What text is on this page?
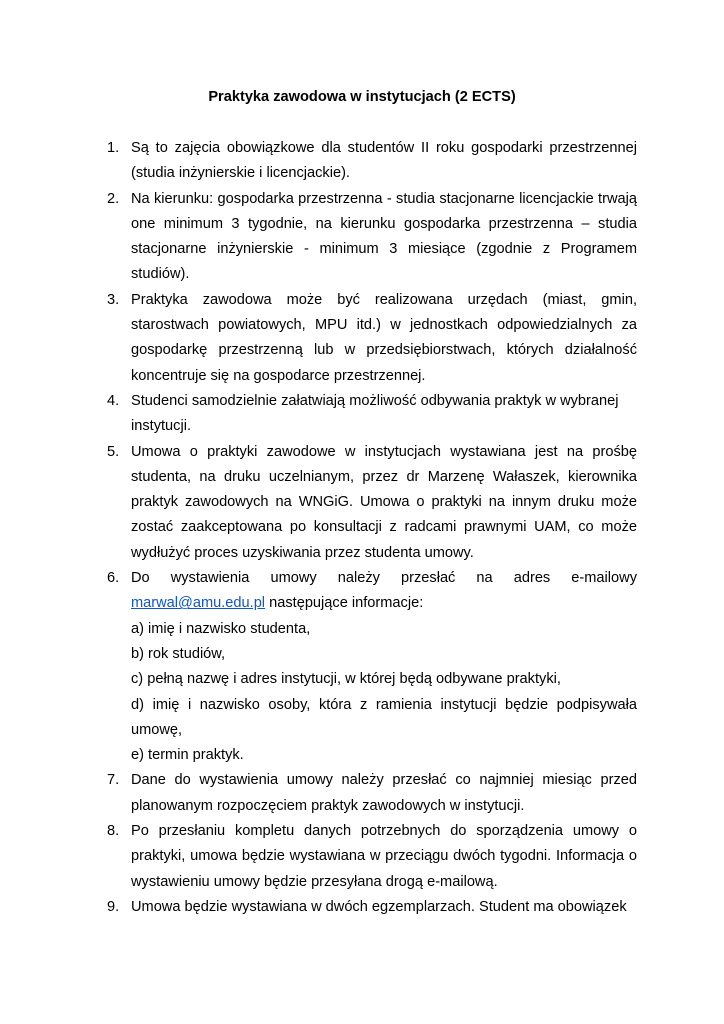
Praktyka zawodowa w instytucjach (2 ECTS)
1. Są to zajęcia obowiązkowe dla studentów II roku gospodarki przestrzennej (studia inżynierskie i licencjackie).
2. Na kierunku: gospodarka przestrzenna - studia stacjonarne licencjackie trwają one minimum 3 tygodnie, na kierunku gospodarka przestrzenna – studia stacjonarne inżynierskie - minimum 3 miesiące (zgodnie z Programem studiów).
3. Praktyka zawodowa może być realizowana urzędach (miast, gmin, starostwach powiatowych, MPU itd.) w jednostkach odpowiedzialnych za gospodarkę przestrzenną lub w przedsiębiorstwach, których działalność koncentruje się na gospodarce przestrzennej.
4. Studenci samodzielnie załatwiają możliwość odbywania praktyk w wybranej instytucji.
5. Umowa o praktyki zawodowe w instytucjach wystawiana jest na prośbę studenta, na druku uczelnianym, przez dr Marzenę Wałaszek, kierownika praktyk zawodowych na WNGiG. Umowa o praktyki na innym druku może zostać zaakceptowana po konsultacji z radcami prawnymi UAM, co może wydłużyć proces uzyskiwania przez studenta umowy.
6. Do wystawienia umowy należy przesłać na adres e-mailowy
marwal@amu.edu.pl następujące informacje:
a) imię i nazwisko studenta,
b) rok studiów,
c) pełną nazwę i adres instytucji, w której będą odbywane praktyki,
d) imię i nazwisko osoby, która z ramienia instytucji będzie podpisywała umowę,
e) termin praktyk.
7. Dane do wystawienia umowy należy przesłać co najmniej miesiąc przed planowanym rozpoczęciem praktyk zawodowych w instytucji.
8. Po przesłaniu kompletu danych potrzebnych do sporządzenia umowy o praktyki, umowa będzie wystawiana w przeciągu dwóch tygodni. Informacja o wystawieniu umowy będzie przesyłana drogą e-mailową.
9. Umowa będzie wystawiana w dwóch egzemplarzach. Student ma obowiązek
